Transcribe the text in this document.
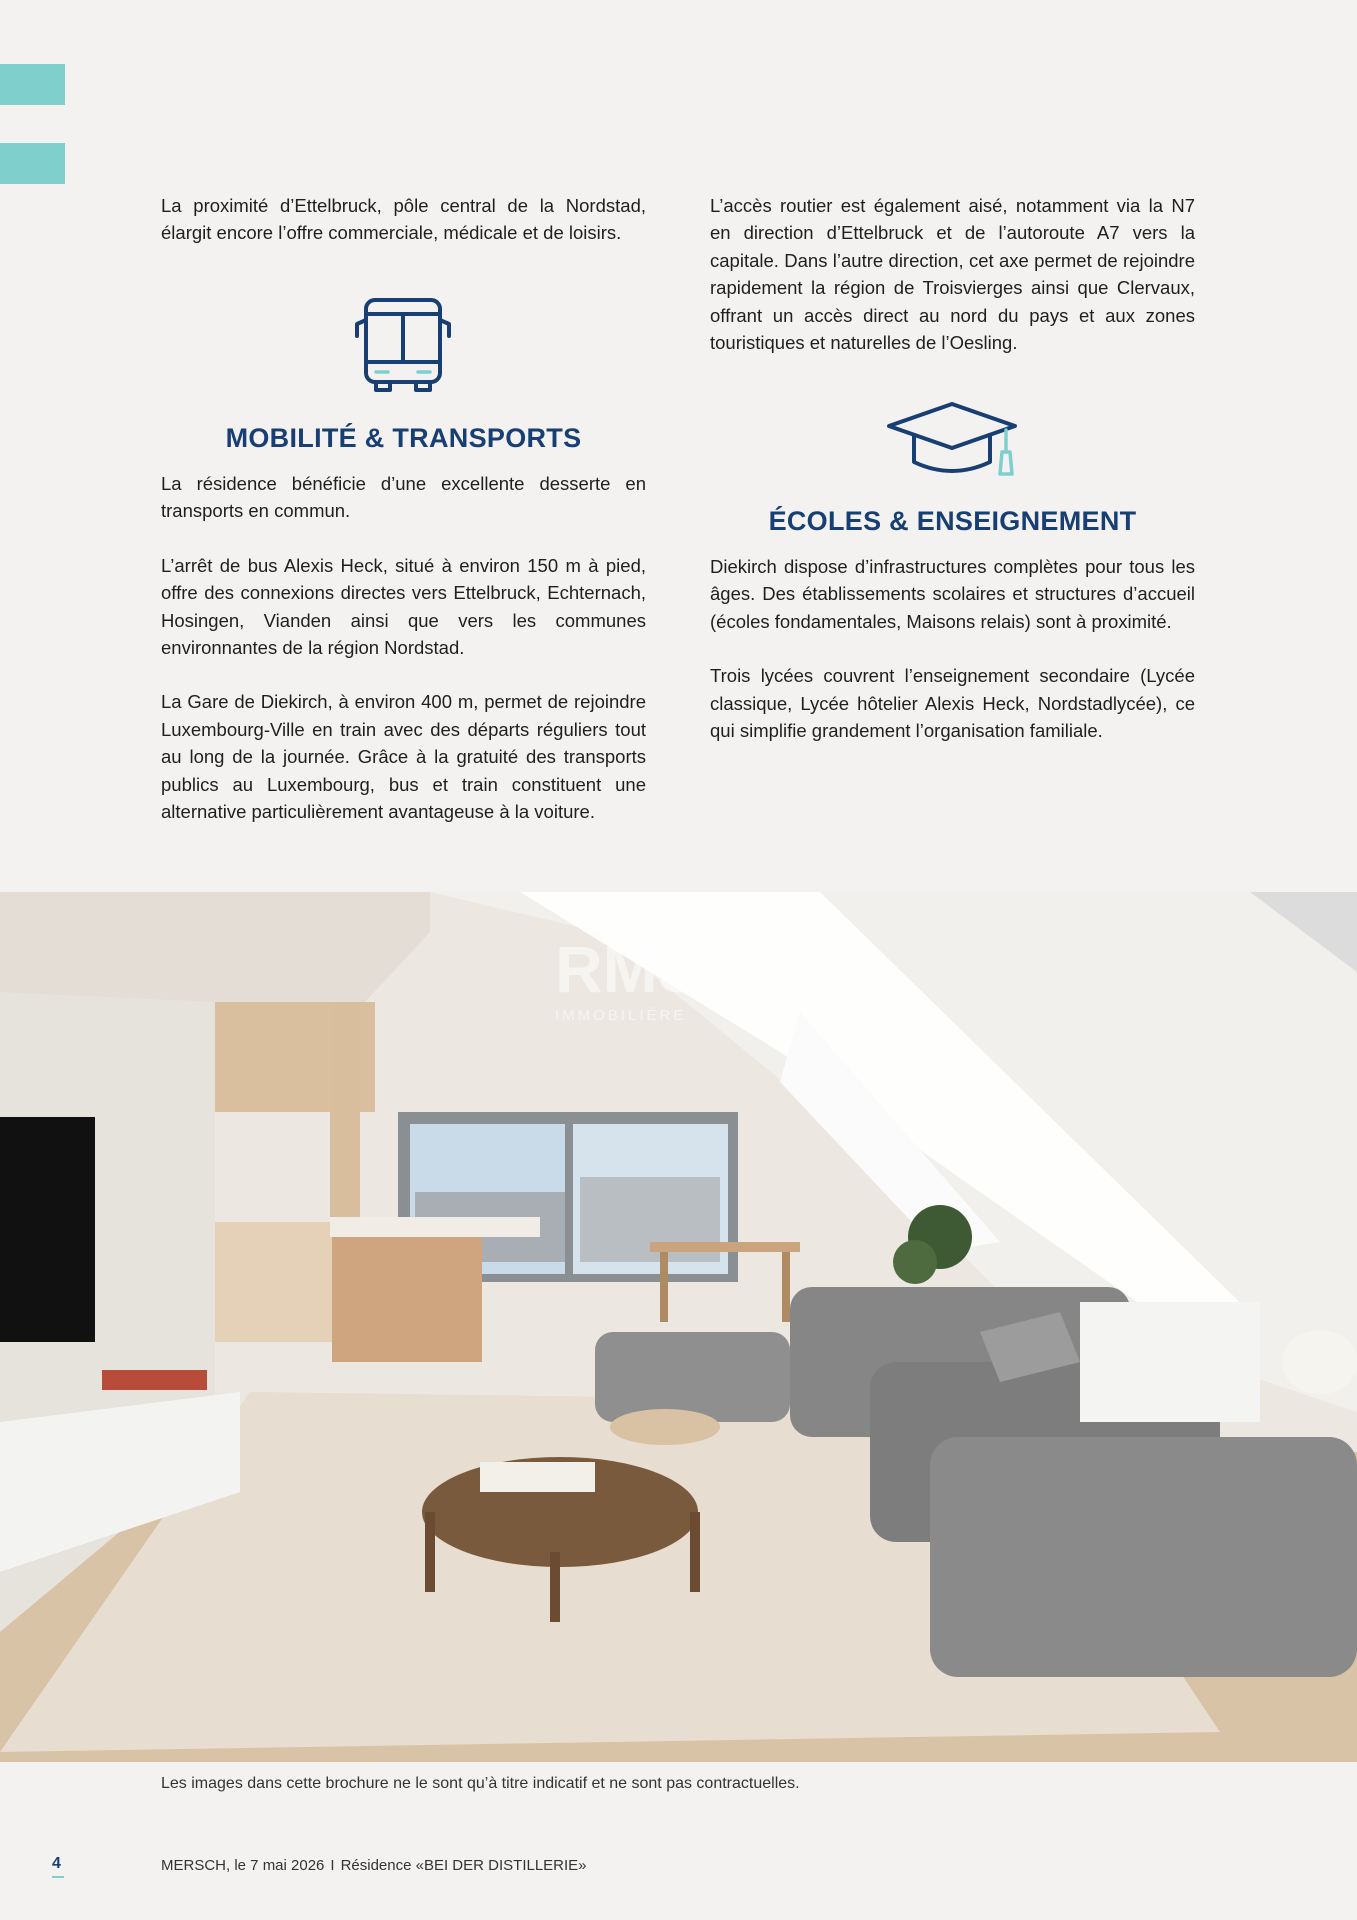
La proximité d’Ettelbruck, pôle central de la Nordstad, élargit encore l’offre commerciale, médicale et de loisirs.

MOBILITÉ & TRANSPORTS

La résidence bénéficie d’une excellente desserte en transports en commun.

L’arrêt de bus Alexis Heck, situé à environ 150 m à pied, offre des connexions directes vers Ettelbruck, Echternach, Hosingen, Vianden ainsi que vers les communes environnantes de la région Nordstad.

La Gare de Diekirch, à environ 400 m, permet de rejoindre Luxembourg-Ville en train avec des départs réguliers tout au long de la journée. Grâce à la gratuité des transports publics au Luxembourg, bus et train constituent une alternative particulièrement avantageuse à la voiture.

L’accès routier est également aisé, notamment via la N7 en direction d’Ettelbruck et de l’autoroute A7 vers la capitale. Dans l’autre direction, cet axe permet de rejoindre rapidement la région de Troisvierges ainsi que Clervaux, offrant un accès direct au nord du pays et aux zones touristiques et naturelles de l’Oesling.

ÉCOLES & ENSEIGNEMENT

Diekirch dispose d’infrastructures complètes pour tous les âges. Des établissements scolaires et structures d’accueil (écoles fondamentales, Maisons relais) sont à proximité.

Trois lycées couvrent l’enseignement secondaire (Lycée classique, Lycée hôtelier Alexis Heck, Nordstadlycée), ce qui simplifie grandement l’organisation familiale.

RMS
IMMOBILIÈRE
Les images dans cette brochure ne le sont qu’à titre indicatif et ne sont pas contractuelles.
4	MERSCH, le 7 mai 2026 I Résidence «BEI DER DISTILLERIE»
